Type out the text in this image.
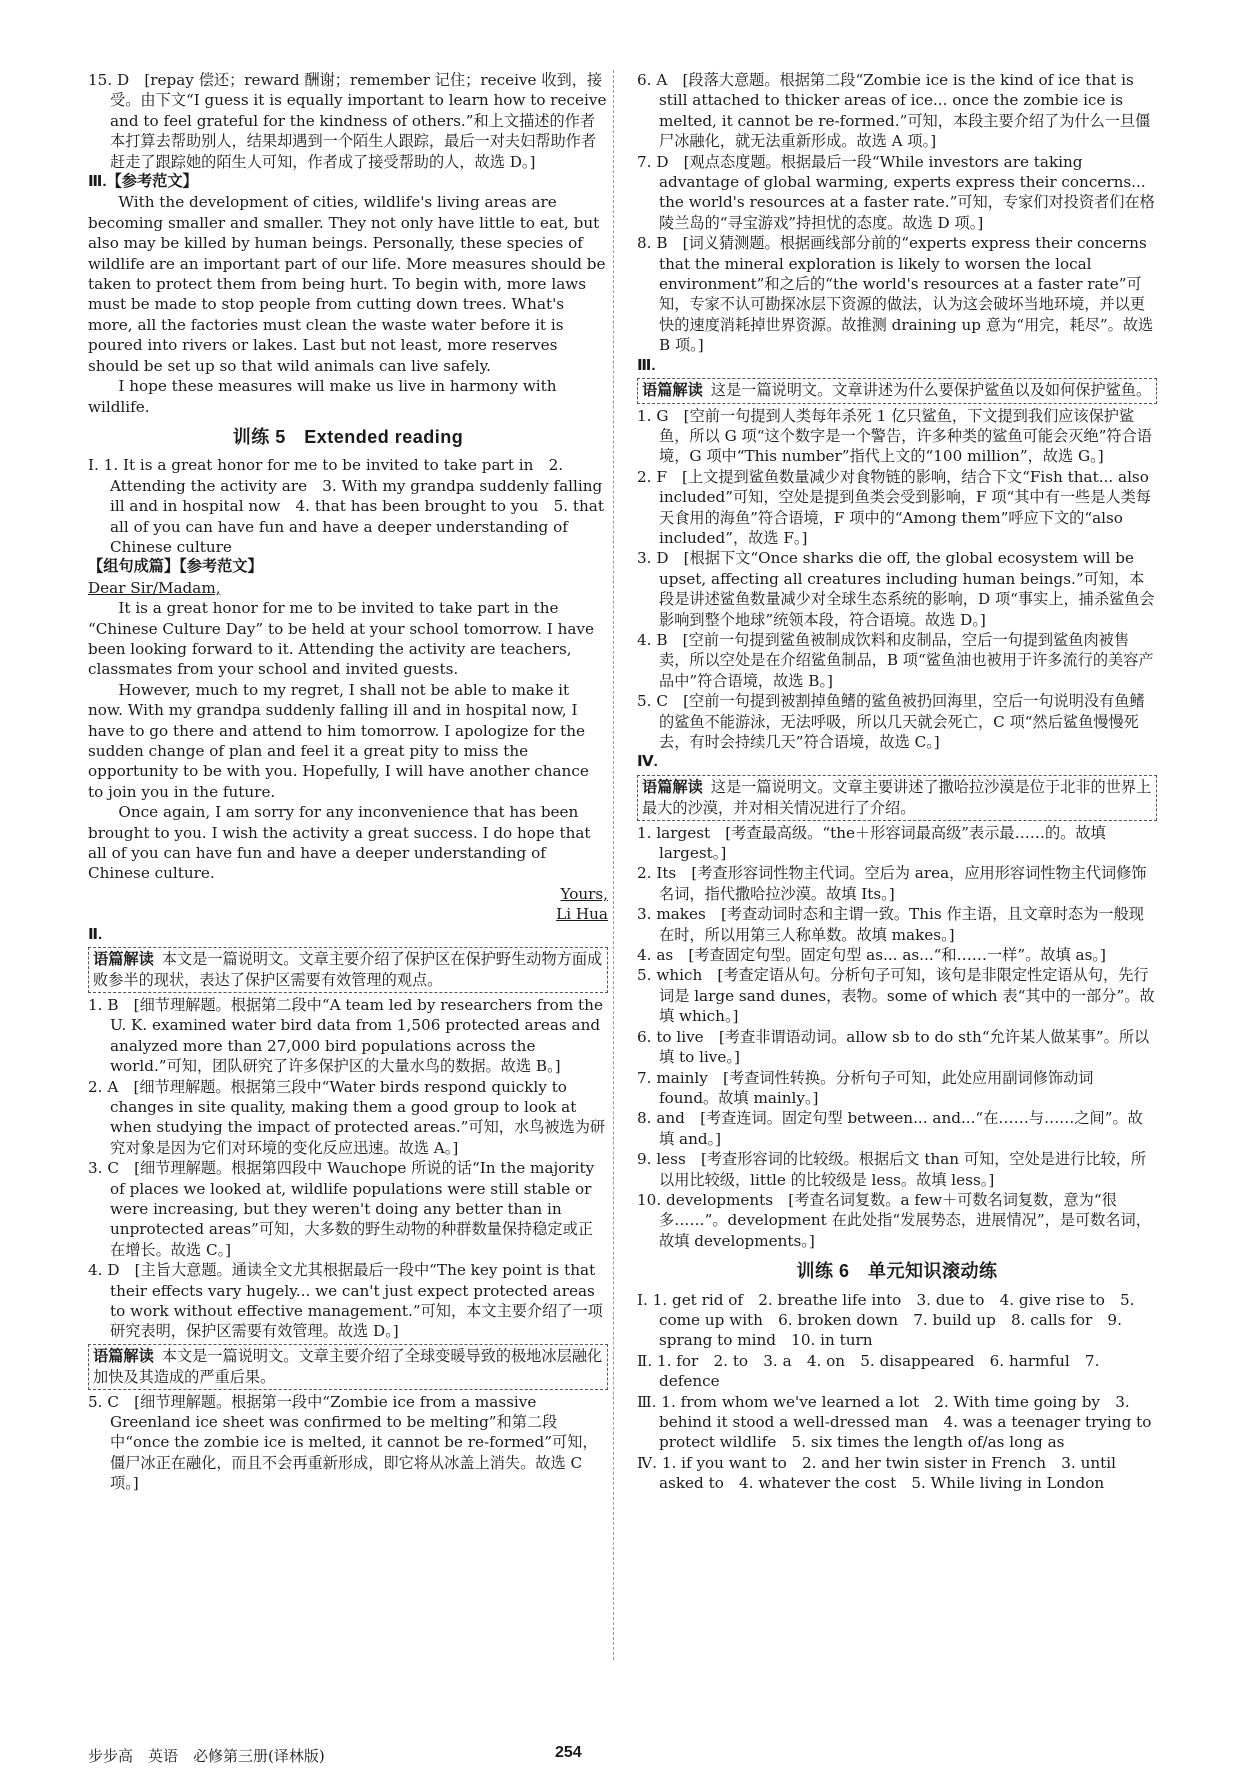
15. D　[repay 偿还；reward 酬谢；remember 记住；receive 收到，接受。由下文“I guess it is equally important to learn how to receive and to feel grateful for the kindness of others.”和上文描述的作者本打算去帮助别人，结果却遇到一个陌生人跟踪，最后一对夫妇帮助作者赶走了跟踪她的陌生人可知，作者成了接受帮助的人，故选 D。]

Ⅲ.【参考范文】

With the development of cities, wildlife's living areas are becoming smaller and smaller. They not only have little to eat, but also may be killed by human beings. Personally, these species of wildlife are an important part of our life. More measures should be taken to protect them from being hurt. To begin with, more laws must be made to stop people from cutting down trees. What's more, all the factories must clean the waste water before it is poured into rivers or lakes. Last but not least, more reserves should be set up so that wild animals can live safely.

I hope these measures will make us live in harmony with wildlife.

训练 5　Extended reading

Ⅰ. 1. It is a great honor for me to be invited to take part in　2. Attending the activity are　3. With my grandpa suddenly falling ill and in hospital now　4. that has been brought to you　5. that all of you can have fun and have a deeper understanding of Chinese culture

【组句成篇】【参考范文】

Dear Sir/Madam,

It is a great honor for me to be invited to take part in the “Chinese Culture Day” to be held at your school tomorrow. I have been looking forward to it. Attending the activity are teachers, classmates from your school and invited guests.

However, much to my regret, I shall not be able to make it now. With my grandpa suddenly falling ill and in hospital now, I have to go there and attend to him tomorrow. I apologize for the sudden change of plan and feel it a great pity to miss the opportunity to be with you. Hopefully, I will have another chance to join you in the future.

Once again, I am sorry for any inconvenience that has been brought to you. I wish the activity a great success. I do hope that all of you can have fun and have a deeper understanding of Chinese culture.

Yours,

Li Hua

Ⅱ.

语篇解读 本文是一篇说明文。文章主要介绍了保护区在保护野生动物方面成败参半的现状，表达了保护区需要有效管理的观点。

1. B　[细节理解题。根据第二段中“A team led by researchers from the U. K. examined water bird data from 1,506 protected areas and analyzed more than 27,000 bird populations across the world.”可知，团队研究了许多保护区的大量水鸟的数据。故选 B。]

2. A　[细节理解题。根据第三段中“Water birds respond quickly to changes in site quality, making them a good group to look at when studying the impact of protected areas.”可知，水鸟被选为研究对象是因为它们对环境的变化反应迅速。故选 A。]

3. C　[细节理解题。根据第四段中 Wauchope 所说的话“In the majority of places we looked at, wildlife populations were still stable or were increasing, but they weren't doing any better than in unprotected areas”可知，大多数的野生动物的种群数量保持稳定或正在增长。故选 C。]

4. D　[主旨大意题。通读全文尤其根据最后一段中“The key point is that their effects vary hugely... we can't just expect protected areas to work without effective management.”可知，本文主要介绍了一项研究表明，保护区需要有效管理。故选 D。]

语篇解读 本文是一篇说明文。文章主要介绍了全球变暖导致的极地冰层融化加快及其造成的严重后果。

5. C　[细节理解题。根据第一段中“Zombie ice from a massive Greenland ice sheet was confirmed to be melting”和第二段中“once the zombie ice is melted, it cannot be re-formed”可知，僵尸冰正在融化，而且不会再重新形成，即它将从冰盖上消失。故选 C 项。]

6. A　[段落大意题。根据第二段“Zombie ice is the kind of ice that is still attached to thicker areas of ice... once the zombie ice is melted, it cannot be re-formed.”可知，本段主要介绍了为什么一旦僵尸冰融化，就无法重新形成。故选 A 项。]

7. D　[观点态度题。根据最后一段“While investors are taking advantage of global warming, experts express their concerns... the world's resources at a faster rate.”可知，专家们对投资者们在格陵兰岛的“寻宝游戏”持担忧的态度。故选 D 项。]

8. B　[词义猜测题。根据画线部分前的“experts express their concerns that the mineral exploration is likely to worsen the local environment”和之后的“the world's resources at a faster rate”可知，专家不认可勘探冰层下资源的做法，认为这会破坏当地环境，并以更快的速度消耗掉世界资源。故推测 draining up 意为“用完，耗尽”。故选 B 项。]

Ⅲ.

语篇解读 这是一篇说明文。文章讲述为什么要保护鲨鱼以及如何保护鲨鱼。

1. G　[空前一句提到人类每年杀死 1 亿只鲨鱼，下文提到我们应该保护鲨鱼，所以 G 项“这个数字是一个警告，许多种类的鲨鱼可能会灭绝”符合语境，G 项中“This number”指代上文的“100 million”，故选 G。]

2. F　[上文提到鲨鱼数量减少对食物链的影响，结合下文“Fish that... also included”可知，空处是提到鱼类会受到影响，F 项“其中有一些是人类每天食用的海鱼”符合语境，F 项中的“Among them”呼应下文的“also included”，故选 F。]

3. D　[根据下文“Once sharks die off, the global ecosystem will be upset, affecting all creatures including human beings.”可知，本段是讲述鲨鱼数量减少对全球生态系统的影响，D 项“事实上，捕杀鲨鱼会影响到整个地球”统领本段，符合语境。故选 D。]

4. B　[空前一句提到鲨鱼被制成饮料和皮制品，空后一句提到鲨鱼肉被售卖，所以空处是在介绍鲨鱼制品，B 项“鲨鱼油也被用于许多流行的美容产品中”符合语境，故选 B。]

5. C　[空前一句提到被割掉鱼鳍的鲨鱼被扔回海里，空后一句说明没有鱼鳍的鲨鱼不能游泳，无法呼吸，所以几天就会死亡，C 项“然后鲨鱼慢慢死去，有时会持续几天”符合语境，故选 C。]

Ⅳ.

语篇解读 这是一篇说明文。文章主要讲述了撒哈拉沙漠是位于北非的世界上最大的沙漠，并对相关情况进行了介绍。

1. largest　[考查最高级。“the＋形容词最高级”表示最……的。故填 largest。]

2. Its　[考查形容词性物主代词。空后为 area，应用形容词性物主代词修饰名词，指代撒哈拉沙漠。故填 Its。]

3. makes　[考查动词时态和主谓一致。This 作主语，且文章时态为一般现在时，所以用第三人称单数。故填 makes。]

4. as　[考查固定句型。固定句型 as... as...“和……一样”。故填 as。]

5. which　[考查定语从句。分析句子可知，该句是非限定性定语从句，先行词是 large sand dunes，表物。some of which 表“其中的一部分”。故填 which。]

6. to live　[考查非谓语动词。allow sb to do sth“允许某人做某事”。所以填 to live。]

7. mainly　[考查词性转换。分析句子可知，此处应用副词修饰动词 found。故填 mainly。]

8. and　[考查连词。固定句型 between... and...“在……与……之间”。故填 and。]

9. less　[考查形容词的比较级。根据后文 than 可知，空处是进行比较，所以用比较级，little 的比较级是 less。故填 less。]

10. developments　[考查名词复数。a few＋可数名词复数，意为“很多……”。development 在此处指“发展势态，进展情况”，是可数名词，故填 developments。]

训练 6　单元知识滚动练

Ⅰ. 1. get rid of　2. breathe life into　3. due to　4. give rise to　5. come up with　6. broken down　7. build up　8. calls for　9. sprang to mind　10. in turn

Ⅱ. 1. for　2. to　3. a　4. on　5. disappeared　6. harmful　7. defence

Ⅲ. 1. from whom we've learned a lot　2. With time going by　3. behind it stood a well-dressed man　4. was a teenager trying to protect wildlife　5. six times the length of/as long as

Ⅳ. 1. if you want to　2. and her twin sister in French　3. until asked to　4. whatever the cost　5. While living in London

步步高　英语　必修第三册(译林版)	254
